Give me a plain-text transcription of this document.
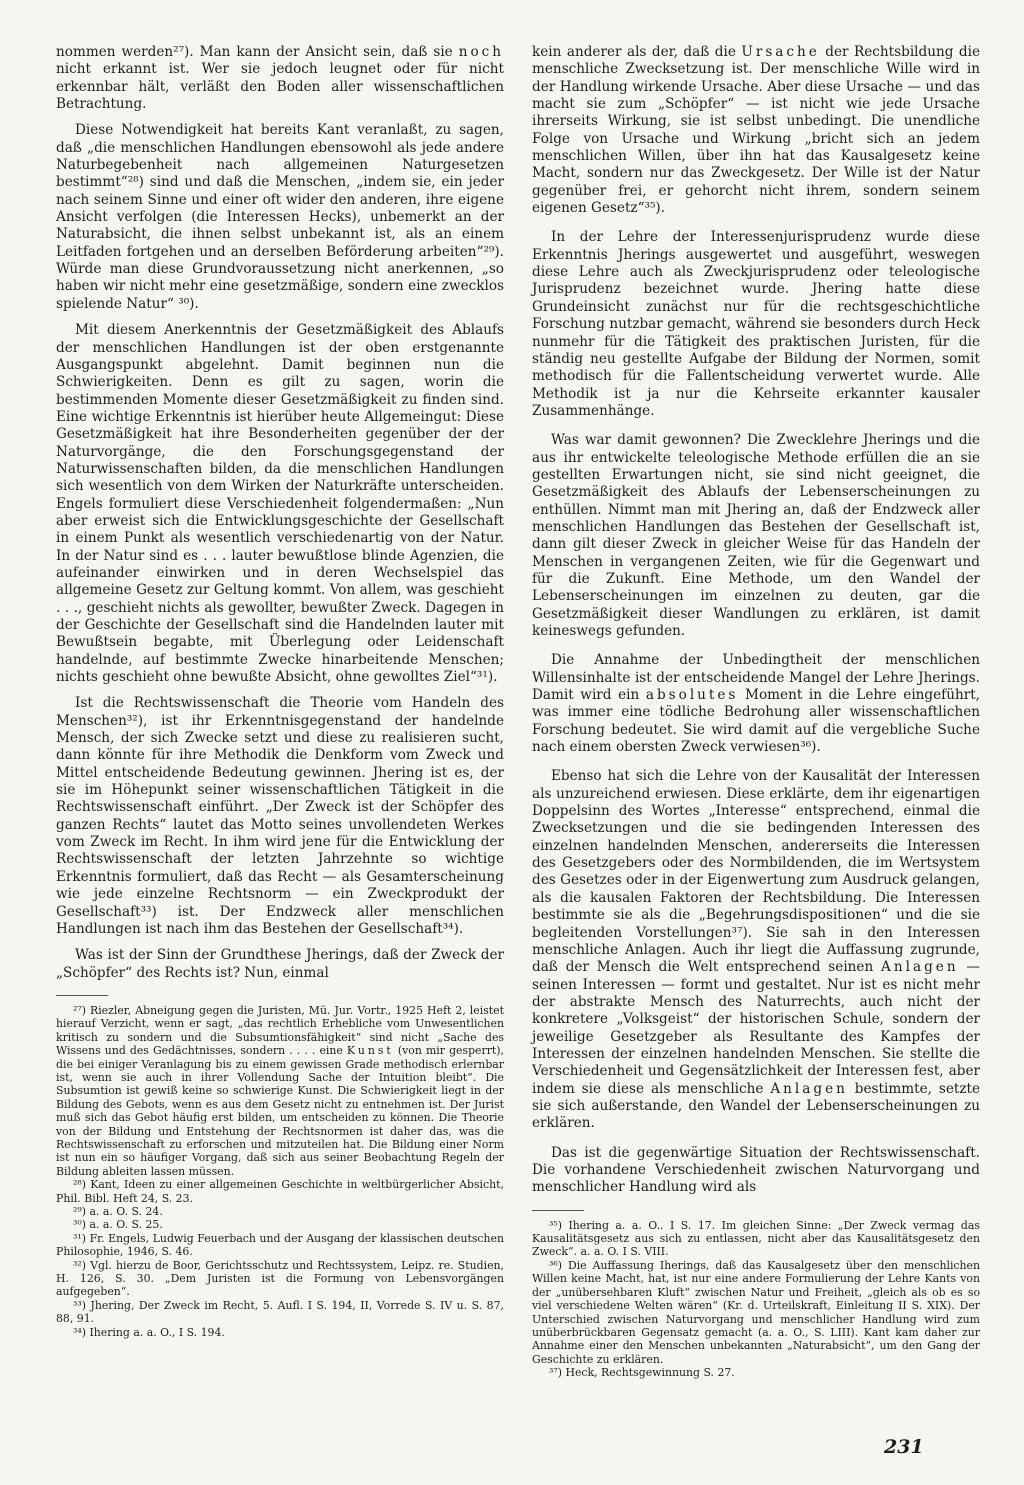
nommen werden²⁷). Man kann der Ansicht sein, daß sie noch nicht erkannt ist. Wer sie jedoch leugnet oder für nicht erkennbar hält, verläßt den Boden aller wissenschaftlichen Betrachtung.

Diese Notwendigkeit hat bereits Kant veranlaßt, zu sagen, daß „die menschlichen Handlungen ebensowohl als jede andere Naturbegebenheit nach allgemeinen Naturgesetzen bestimmt“²⁸) sind und daß die Menschen, „indem sie, ein jeder nach seinem Sinne und einer oft wider den anderen, ihre eigene Ansicht verfolgen (die Interessen Hecks), unbemerkt an der Naturabsicht, die ihnen selbst unbekannt ist, als an einem Leitfaden fortgehen und an derselben Beförderung arbeiten“²⁹). Würde man diese Grundvoraussetzung nicht anerkennen, „so haben wir nicht mehr eine gesetzmäßige, sondern eine zwecklos spielende Natur“ ³⁰).

Mit diesem Anerkenntnis der Gesetzmäßigkeit des Ablaufs der menschlichen Handlungen ist der oben erstgenannte Ausgangspunkt abgelehnt. Damit beginnen nun die Schwierigkeiten. Denn es gilt zu sagen, worin die bestimmenden Momente dieser Gesetzmäßigkeit zu finden sind. Eine wichtige Erkenntnis ist hierüber heute Allgemeingut: Diese Gesetzmäßigkeit hat ihre Besonderheiten gegenüber der der Naturvorgänge, die den Forschungsgegenstand der Naturwissenschaften bilden, da die menschlichen Handlungen sich wesentlich von dem Wirken der Naturkräfte unterscheiden. Engels formuliert diese Verschiedenheit folgendermaßen: „Nun aber erweist sich die Entwicklungsgeschichte der Gesellschaft in einem Punkt als wesentlich verschiedenartig von der Natur. In der Natur sind es . . . lauter bewußtlose blinde Agenzien, die aufeinander einwirken und in deren Wechselspiel das allgemeine Gesetz zur Geltung kommt. Von allem, was geschieht . . ., geschieht nichts als gewollter, bewußter Zweck. Dagegen in der Geschichte der Gesellschaft sind die Handelnden lauter mit Bewußtsein begabte, mit Überlegung oder Leidenschaft handelnde, auf bestimmte Zwecke hinarbeitende Menschen; nichts geschieht ohne bewußte Absicht, ohne gewolltes Ziel“³¹).

Ist die Rechtswissenschaft die Theorie vom Handeln des Menschen³²), ist ihr Erkenntnisgegenstand der handelnde Mensch, der sich Zwecke setzt und diese zu realisieren sucht, dann könnte für ihre Methodik die Denkform vom Zweck und Mittel entscheidende Bedeutung gewinnen. Jhering ist es, der sie im Höhepunkt seiner wissenschaftlichen Tätigkeit in die Rechtswissenschaft einführt. „Der Zweck ist der Schöpfer des ganzen Rechts“ lautet das Motto seines unvollendeten Werkes vom Zweck im Recht. In ihm wird jene für die Entwicklung der Rechtswissenschaft der letzten Jahrzehnte so wichtige Erkenntnis formuliert, daß das Recht — als Gesamterscheinung wie jede einzelne Rechtsnorm — ein Zweckprodukt der Gesellschaft³³) ist. Der Endzweck aller menschlichen Handlungen ist nach ihm das Bestehen der Gesellschaft³⁴).

Was ist der Sinn der Grundthese Jherings, daß der Zweck der „Schöpfer“ des Rechts ist? Nun, einmal

²⁷) Riezler, Abneigung gegen die Juristen, Mü. Jur. Vortr., 1925 Heft 2, leistet hierauf Verzicht, wenn er sagt, „das rechtlich Erhebliche vom Unwesentlichen kritisch zu sondern und die Subsumtionsfähigkeit“ sind nicht „Sache des Wissens und des Gedächtnisses, sondern . . . . eine Kunst (von mir gesperrt), die bei einiger Veranlagung bis zu einem gewissen Grade methodisch erlernbar ist, wenn sie auch in ihrer Vollendung Sache der Intuition bleibt“. Die Subsumtion ist gewiß keine so schwierige Kunst. Die Schwierigkeit liegt in der Bildung des Gebots, wenn es aus dem Gesetz nicht zu entnehmen ist. Der Jurist muß sich das Gebot häufig erst bilden, um entscheiden zu können. Die Theorie von der Bildung und Entstehung der Rechtsnormen ist daher das, was die Rechtswissenschaft zu erforschen und mitzuteilen hat. Die Bildung einer Norm ist nun ein so häufiger Vorgang, daß sich aus seiner Beobachtung Regeln der Bildung ableiten lassen müssen.

²⁸) Kant, Ideen zu einer allgemeinen Geschichte in weltbürgerlicher Absicht, Phil. Bibl. Heft 24, S. 23.

²⁹) a. a. O. S. 24.

³⁰) a. a. O. S. 25.

³¹) Fr. Engels, Ludwig Feuerbach und der Ausgang der klassischen deutschen Philosophie, 1946, S. 46.

³²) Vgl. hierzu de Boor, Gerichtsschutz und Rechtssystem, Leipz. re. Studien, H. 126, S. 30. „Dem Juristen ist die Formung von Lebensvorgängen aufgegeben“.

³³) Jhering, Der Zweck im Recht, 5. Aufl. I S. 194, II, Vorrede S. IV u. S. 87, 88, 91.

³⁴) Ihering a. a. O., I S. 194.

kein anderer als der, daß die Ursache der Rechtsbildung die menschliche Zwecksetzung ist. Der menschliche Wille wird in der Handlung wirkende Ursache. Aber diese Ursache — und das macht sie zum „Schöpfer“ — ist nicht wie jede Ursache ihrerseits Wirkung, sie ist selbst unbedingt. Die unendliche Folge von Ursache und Wirkung „bricht sich an jedem menschlichen Willen, über ihn hat das Kausalgesetz keine Macht, sondern nur das Zweckgesetz. Der Wille ist der Natur gegenüber frei, er gehorcht nicht ihrem, sondern seinem eigenen Gesetz“³⁵).

In der Lehre der Interessenjurisprudenz wurde diese Erkenntnis Jherings ausgewertet und ausgeführt, weswegen diese Lehre auch als Zweckjurisprudenz oder teleologische Jurisprudenz bezeichnet wurde. Jhering hatte diese Grundeinsicht zunächst nur für die rechtsgeschichtliche Forschung nutzbar gemacht, während sie besonders durch Heck nunmehr für die Tätigkeit des praktischen Juristen, für die ständig neu gestellte Aufgabe der Bildung der Normen, somit methodisch für die Fallentscheidung verwertet wurde. Alle Methodik ist ja nur die Kehrseite erkannter kausaler Zusammenhänge.

Was war damit gewonnen? Die Zwecklehre Jherings und die aus ihr entwickelte teleologische Methode erfüllen die an sie gestellten Erwartungen nicht, sie sind nicht geeignet, die Gesetzmäßigkeit des Ablaufs der Lebenserscheinungen zu enthüllen. Nimmt man mit Jhering an, daß der Endzweck aller menschlichen Handlungen das Bestehen der Gesellschaft ist, dann gilt dieser Zweck in gleicher Weise für das Handeln der Menschen in vergangenen Zeiten, wie für die Gegenwart und für die Zukunft. Eine Methode, um den Wandel der Lebenserscheinungen im einzelnen zu deuten, gar die Gesetzmäßigkeit dieser Wandlungen zu erklären, ist damit keineswegs gefunden.

Die Annahme der Unbedingtheit der menschlichen Willensinhalte ist der entscheidende Mangel der Lehre Jherings. Damit wird ein absolutes Moment in die Lehre eingeführt, was immer eine tödliche Bedrohung aller wissenschaftlichen Forschung bedeutet. Sie wird damit auf die vergebliche Suche nach einem obersten Zweck verwiesen³⁶).

Ebenso hat sich die Lehre von der Kausalität der Interessen als unzureichend erwiesen. Diese erklärte, dem ihr eigenartigen Doppelsinn des Wortes „Interesse“ entsprechend, einmal die Zwecksetzungen und die sie bedingenden Interessen des einzelnen handelnden Menschen, andererseits die Interessen des Gesetzgebers oder des Normbildenden, die im Wertsystem des Gesetzes oder in der Eigenwertung zum Ausdruck gelangen, als die kausalen Faktoren der Rechtsbildung. Die Interessen bestimmte sie als die „Begehrungsdispositionen“ und die sie begleitenden Vorstellungen³⁷). Sie sah in den Interessen menschliche Anlagen. Auch ihr liegt die Auffassung zugrunde, daß der Mensch die Welt entsprechend seinen Anlagen — seinen Interessen — formt und gestaltet. Nur ist es nicht mehr der abstrakte Mensch des Naturrechts, auch nicht der konkretere „Volksgeist“ der historischen Schule, sondern der jeweilige Gesetzgeber als Resultante des Kampfes der Interessen der einzelnen handelnden Menschen. Sie stellte die Verschiedenheit und Gegensätzlichkeit der Interessen fest, aber indem sie diese als menschliche Anlagen bestimmte, setzte sie sich außerstande, den Wandel der Lebenserscheinungen zu erklären.

Das ist die gegenwärtige Situation der Rechtswissenschaft. Die vorhandene Verschiedenheit zwischen Naturvorgang und menschlicher Handlung wird als

³⁵) Ihering a. a. O.. I S. 17. Im gleichen Sinne: „Der Zweck vermag das Kausalitätsgesetz aus sich zu entlassen, nicht aber das Kausalitätsgesetz den Zweck“. a. a. O. I S. VIII.

³⁶) Die Auffassung Iherings, daß das Kausalgesetz über den menschlichen Willen keine Macht, hat, ist nur eine andere Formulierung der Lehre Kants von der „unübersehbaren Kluft“ zwischen Natur und Freiheit, „gleich als ob es so viel verschiedene Welten wären“ (Kr. d. Urteilskraft, Einleitung II S. XIX). Der Unterschied zwischen Naturvorgang und menschlicher Handlung wird zum unüberbrückbaren Gegensatz gemacht (a. a. O., S. LIII). Kant kam daher zur Annahme einer den Menschen unbekannten „Naturabsicht“, um den Gang der Geschichte zu erklären.

³⁷) Heck, Rechtsgewinnung S. 27.

231
